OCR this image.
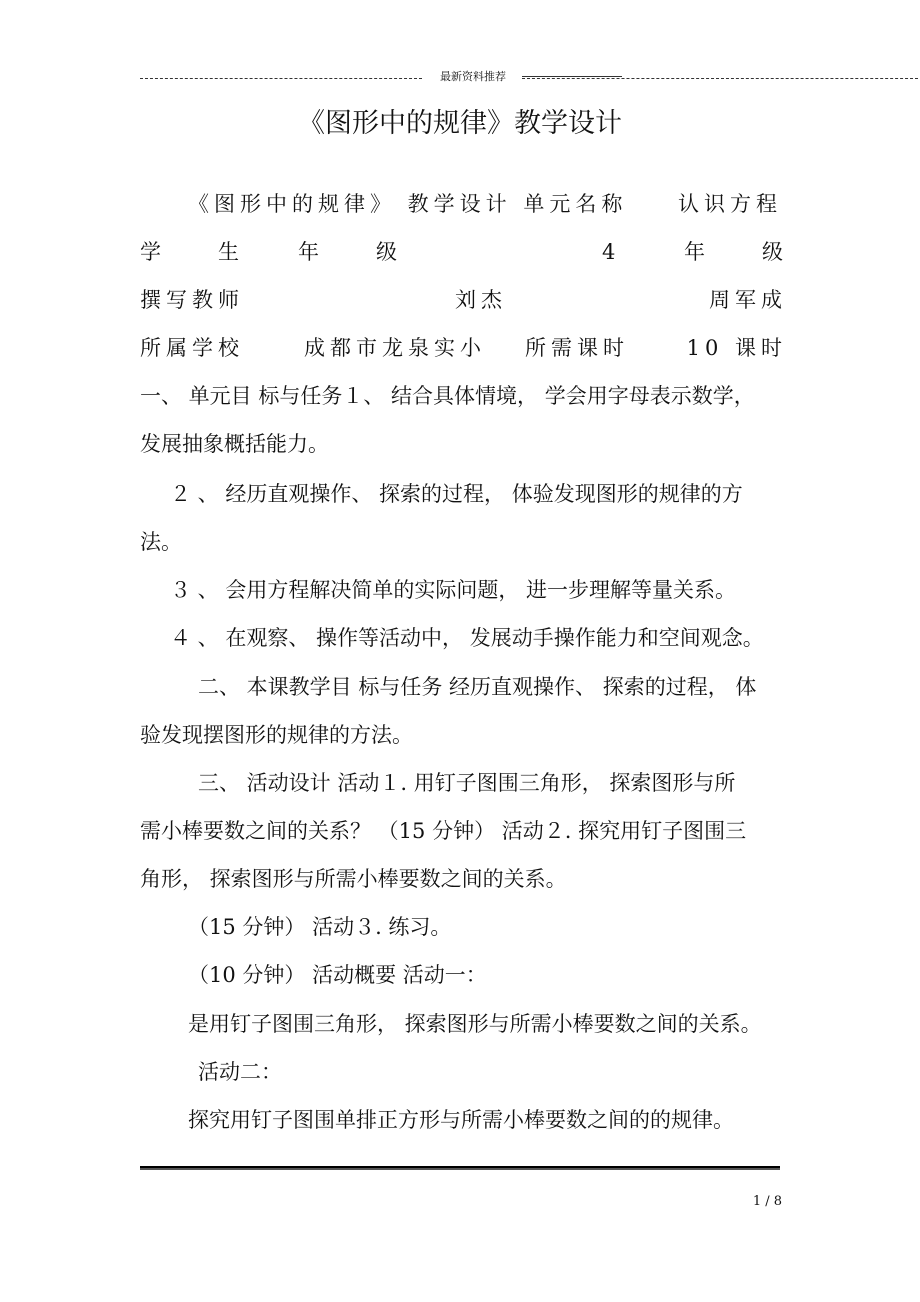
最新资料推荐
《图形中的规律》教学设计
《图形中的规律》 教学设计 单元名称 认识方程
学	生	年	级	4	年	级
撰写教师	刘杰	周军成
所属学校	成都市龙泉实小 所需课时	10 课时
一、 单元目 标与任务１、 结合具体情境， 学会用字母表示数学，
发展抽象概括能力。
２ 、 经历直观操作、 探索的过程， 体验发现图形的规律的方
法。
３ 、 会用方程解决简单的实际问题， 进一步理解等量关系。
４ 、 在观察、 操作等活动中， 发展动手操作能力和空间观念。
二、 本课教学目 标与任务 经历直观操作、 探索的过程， 体
验发现摆图形的规律的方法。
三、 活动设计 活动１. 用钉子图围三角形， 探索图形与所
需小棒要数之间的关系？ （15 分钟） 活动２. 探究用钉子图围三
角形， 探索图形与所需小棒要数之间的关系。
（15 分钟） 活动３. 练习。
（10 分钟） 活动概要 活动一：
是用钉子图围三角形， 探索图形与所需小棒要数之间的关系。
活动二：
探究用钉子图围单排正方形与所需小棒要数之间的的规律。
1 / 8
